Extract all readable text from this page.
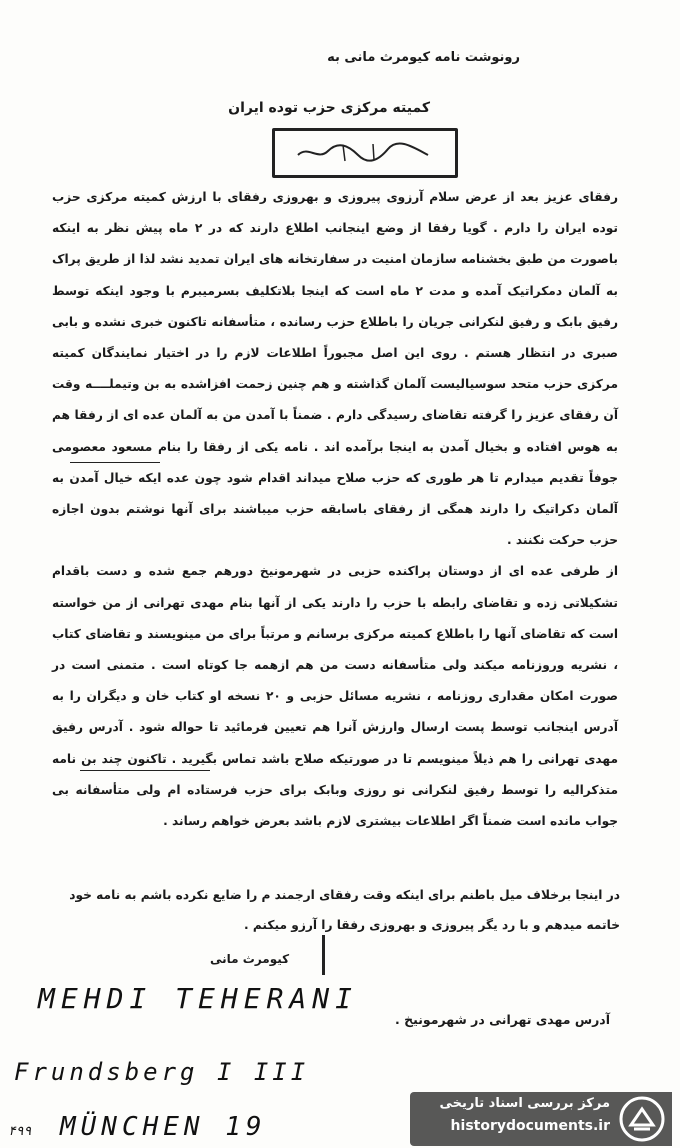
رونوشت نامه کیومرث مانی به
کمیته مرکزی حزب توده ایران

رفقای عزیز بعد از عرض سلام آرزوی پیروزی و بهروزی رفقای با ارزش کمیته مرکزی حزب توده ایران را دارم . گویا رفقا از وضع اینجانب اطلاع دارند که در ۲ ماه پیش نظر به اینکه باصورت من طبق بخشنامه سازمان امنیت در سفارتخانه های ایران تمدید نشد لذا از طریق پراک به آلمان دمکراتیک آمده و مدت ۲ ماه است که اینجا بلاتکلیف بسرمیبرم با وجود اینکه توسط رفیق بابک و رفیق لنکرانی جریان را باطلاع حزب رسانده ، متأسفانه تاکنون خبری نشده و بابی صبری در انتظار هستم . روی این اصل مجبوراً اطلاعات لازم را در اختیار نمایندگان کمیته مرکزی حزب متحد سوسیالیست آلمان گذاشته و هم چنین زحمت افزاشده به بن وتیملــــه وقت آن رفقای عزیز را گرفته تقاضای رسیدگی دارم . ضمناً با آمدن من به آلمان عده ای از رفقا هم به هوس افتاده و بخیال آمدن به اینجا برآمده اند . نامه یکی از رفقا را بنام مسعود معصومی جوفاً تقدیم میدارم تا هر طوری که حزب صلاح میداند اقدام شود چون عده ایکه خیال آمدن به آلمان دکراتیک را دارند همگی از رفقای باسابقه حزب میباشند برای آنها نوشتم بدون اجازه حزب حرکت نکنند .

از طرفی عده ای از دوستان پراکنده حزبی در شهرمونیخ دورهم جمع شده و دست باقدام تشکیلاتی زده و تقاضای رابطه با حزب را دارند یکی از آنها بنام مهدی تهرانی از من خواسته است که تقاضای آنها را باطلاع کمیته مرکزی برسانم و مرتباً برای من مینویسند و تقاضای کتاب ، نشریه وروزنامه میکند ولی متأسفانه دست من هم ازهمه جا کوتاه است . متمنی است در صورت امکان مقداری روزنامه ، نشریه مسائل حزبی و ۲۰ نسخه او کتاب خان و دیگران را به آدرس اینجانب توسط پست ارسال وارزش آنرا هم تعیین فرمائید تا حواله شود . آدرس رفیق مهدی تهرانی را هم ذیلاً مینویسم تا در صورتیکه صلاح باشد تماس بگیرید . تاکنون چند بن نامه متذکرالیه را توسط رفیق لنکرانی نو روزی وبابک برای حزب فرستاده ام ولی متأسفانه بی جواب مانده است ضمناً اگر اطلاعات بیشتری لازم باشد بعرض خواهم رساند .

در اینجا برخلاف میل باطنم برای اینکه وقت رفقای ارجمند م را ضایع نکرده باشم به نامه خود خاتمه میدهم و با رد یگر پیروزی و بهروزی رفقا را آرزو میکنم .
کیومرث مانی
آدرس مهدی تهرانی در شهرمونیخ .
MEHDI TEHERANI
Frundsberg I III
۴۹۹ MÜNCHEN 19
مرکز بررسی اسناد تاریخی
historydocuments.ir
